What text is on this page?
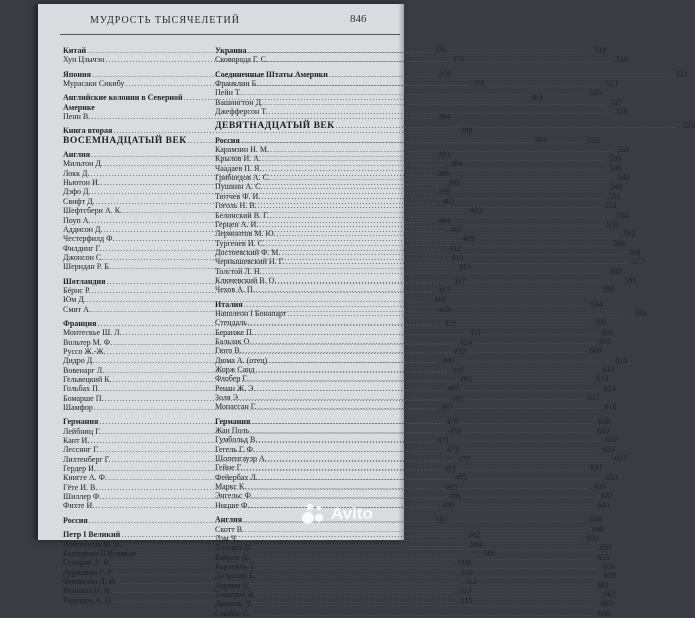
МУДРОСТЬ ТЫСЯЧЕЛЕТИЙ	846
Китай .....	376
Хун Цзычэн .....	376
Япония .....	378
Мурасаки Сикибу .....	378
Английские колонии в Северной .....	383
Америке
Пенн В. .....	384
Книга вторая .....	389
ВОСЕМНАДЦАТЫЙ ВЕК .....	391
Англия .....	393
Мильтон Д. .....	394
Локк Д. .....	396
Ньютон И. .....	397
Дэфо Д. .....	399
Свифт Д. .....	402
Шефтсбери А. К. .....	403
Поуп А. .....	404
Аддисон Д. .....	407
Честерфилд Ф. .....	409
Филдинг Г. .....	412
Джонсон С. .....	413
Шеридан Р. Б. .....	415
Шотландия .....	417
Бёрнс Р. .....	417
Юм Д. .....	418
Смит А. .....	419
Франция .....	421
Монтескье Ш. Л. .....	421
Вольтер М. Ф. .....	424
Руссо Ж.-Ж. .....	432
Дидро Д. .....	440
Вовенарг Л. .....	442
Гельвецкий К. .....	463
Гольбах П. .....	465
Бомарше П. .....	466
Шамфор .....	467
Германия .....	470
Лейбниц Г. .....	470
Кант И. .....	471
Лессинг Г. .....	473
Лихтенберг Г. .....	477
Гердер И. .....	483
Книгге А. Ф. .....	485
Гёте И. В. .....	485
Шиллер Ф. .....	496
Фихте И. .....	498
Россия .....	502
Петр I Великий .....	502
Ломоносов М. В. .....	504
Екатерина II Великая .....	506
Суворов А. В. .....	508
Державин Г. Р. .....	510
Фонвизин Д. И. .....	512
Новиков Н. И. .....	513
Радищев А. Н. .....	515
Украина .....	519
Сковорода Г. С. .....	519
Соединенные Штаты Америки .....	521
Франклин Б. .....	521
Пейн Т. .....	526
Вашингтон Д. .....	527
Джефферсон Т. .....	528
ДЕВЯТНАДЦАТЫЙ ВЕК .....	531
Россия .....	533
Карамзин Н. М. .....	533
Крылов И. А. .....	539
Чаадаев П. Я. .....	540
Грибоедов А. С. .....	542
Пушкин А. С. .....	544
Тютчев Ф. И. .....	551
Гоголь Н. В. .....	552
Белинский В. Г. .....	554
Герцен А. И. .....	559
Лермонтов М. Ю. .....	562
Тургенев И. С. .....	566
Достоевский Ф. М. .....	568
Чернышевский Н. Г. .....	577
Толстой Л. Н. .....	580
Ключевский В. О. .....	585
Чехов А. П. .....	590
Италия .....	594
Наполеон I Бонапарт .....	594
Стендаль .....	595
Беранже П. .....	601
Бальзак О. .....	605
Гюго В. .....	609
Дюма А. (отец) .....	610
Жорж Санд .....	612
Флобер Г. .....	613
Ренан Ж. Э. .....	614
Золя Э. .....	617
Мопассан Г. .....	618
Германия .....	620
Жан Поль .....	620
Гумбольд В. .....	622
Гегель Г. Ф. .....	624
Шопенгауэр А. .....	627
Гейне Г. .....	631
Фейербах Л. .....	633
Маркс К. .....	635
Энгельс Ф. .....	637
Ницше Ф. .....	640
Англия .....	648
Скотт В. .....	648
Лэм Ч. .....	650
Хэзлитт В. .....	651
Байрон Д. .....	653
Карлейль Т. .....	656
Дизраэли Б. .....	659
Дарвин Ч. .....	661
Теккерей В. .....	662
Диккенс Ч. .....	663
Смайлс С. .....	666
Avito
